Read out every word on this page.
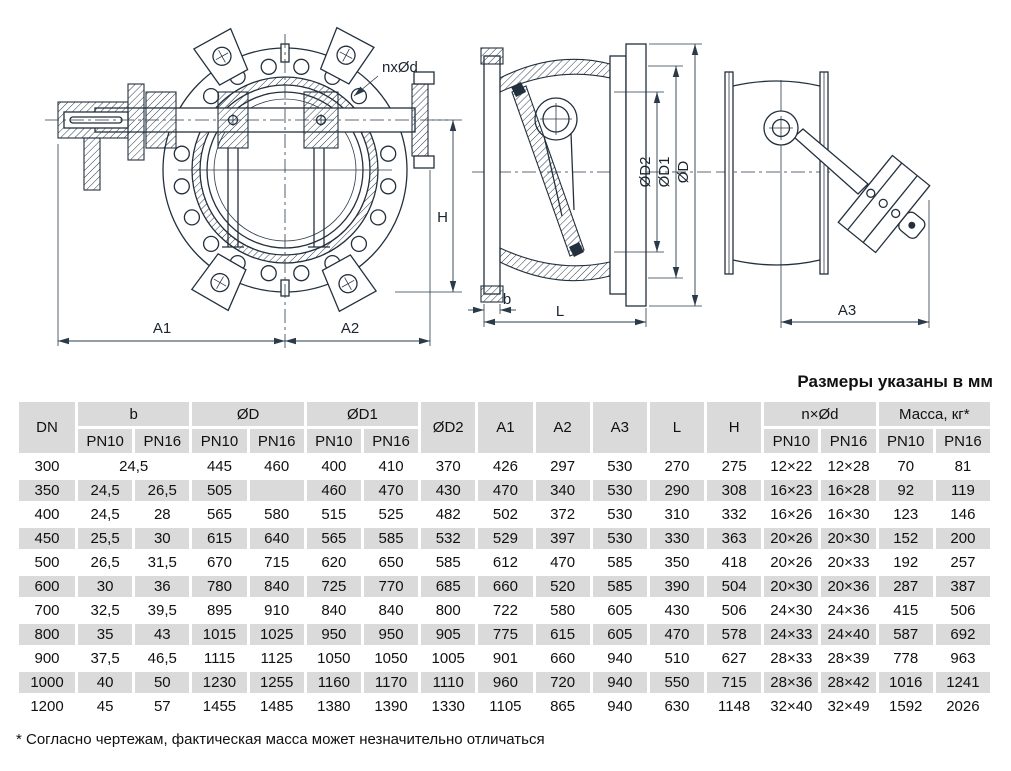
nxØd
A1	A2
H
ØD2 ØD1 ØD
b
L	A3
Размеры указаны в мм
DN	b		ØD		ØD1		ØD2	A1	A2	A3	L	H	n×Ød		Масса, кг*	
	PN10	PN16	PN10	PN16	PN10	PN16							PN10	PN16	PN10	PN16
300	24,5		445	460	400	410	370	426	297	530	270	275	12×22	12×28	70	81
350	24,5	26,5	505		460	470	430	470	340	530	290	308	16×23	16×28	92	119
400	24,5	28	565	580	515	525	482	502	372	530	310	332	16×26	16×30	123	146
450	25,5	30	615	640	565	585	532	529	397	530	330	363	20×26	20×30	152	200
500	26,5	31,5	670	715	620	650	585	612	470	585	350	418	20×26	20×33	192	257
600	30	36	780	840	725	770	685	660	520	585	390	504	20×30	20×36	287	387
700	32,5	39,5	895	910	840	840	800	722	580	605	430	506	24×30	24×36	415	506
800	35	43	1015	1025	950	950	905	775	615	605	470	578	24×33	24×40	587	692
900	37,5	46,5	1115	1125	1050	1050	1005	901	660	940	510	627	28×33	28×39	778	963
1000	40	50	1230	1255	1160	1170	1110	960	720	940	550	715	28×36	28×42	1016	1241
1200	45	57	1455	1485	1380	1390	1330	1105	865	940	630	1148	32×40	32×49	1592	2026
* Согласно чертежам, фактическая масса может незначительно отличаться
